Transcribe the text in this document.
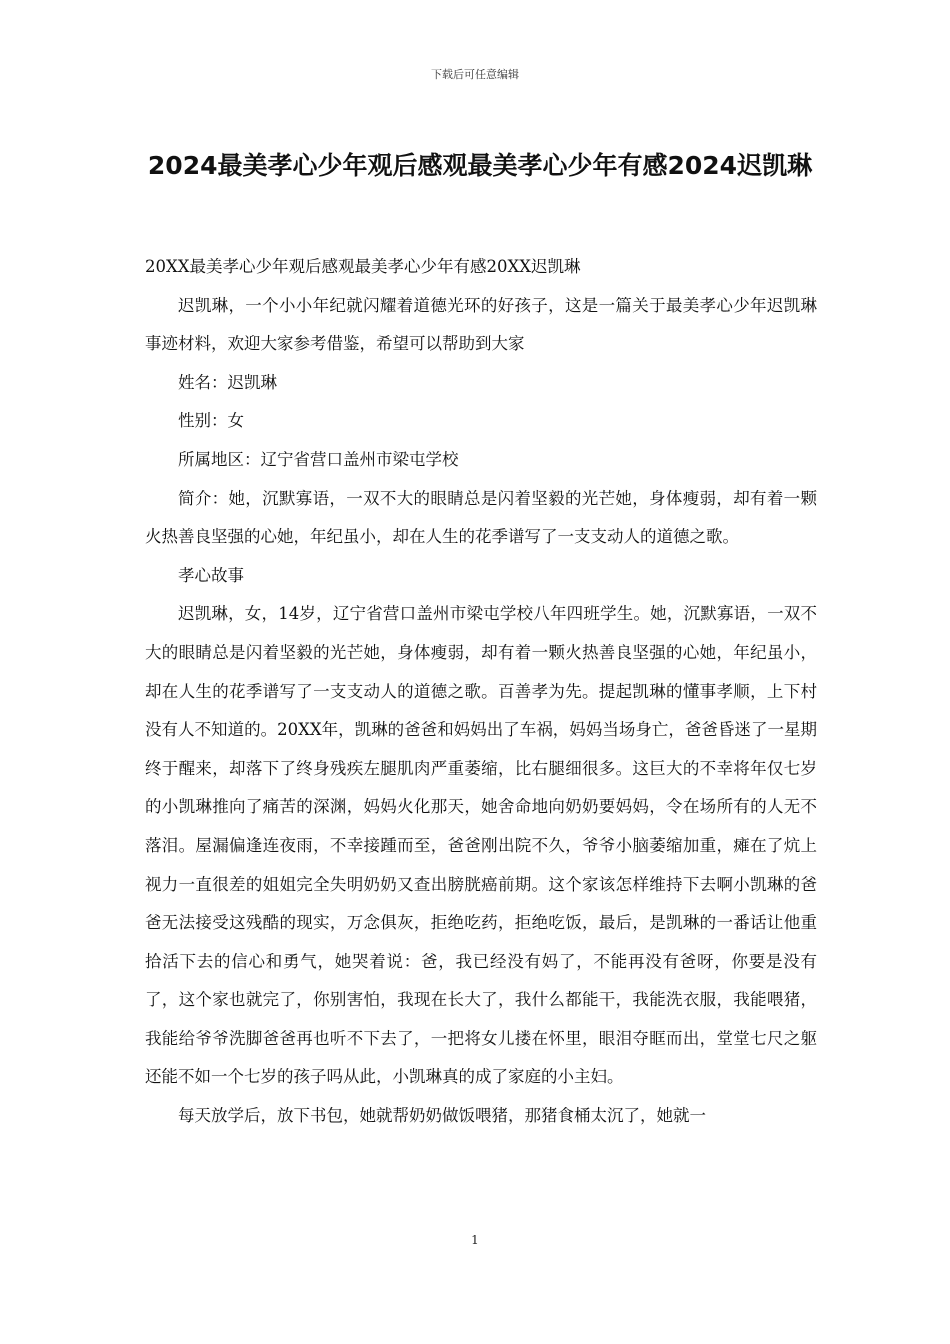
下载后可任意编辑
2024最美孝心少年观后感观最美孝心少年有感2024迟凯琳

20XX最美孝心少年观后感观最美孝心少年有感20XX迟凯琳

迟凯琳，一个小小年纪就闪耀着道德光环的好孩子，这是一篇关于最美孝心少年迟凯琳事迹材料，欢迎大家参考借鉴，希望可以帮助到大家

姓名：迟凯琳

性别：女

所属地区：辽宁省营口盖州市梁屯学校

简介：她，沉默寡语，一双不大的眼睛总是闪着坚毅的光芒她，身体瘦弱，却有着一颗火热善良坚强的心她，年纪虽小，却在人生的花季谱写了一支支动人的道德之歌。

孝心故事

迟凯琳，女，14岁，辽宁省营口盖州市梁屯学校八年四班学生。她，沉默寡语，一双不大的眼睛总是闪着坚毅的光芒她，身体瘦弱，却有着一颗火热善良坚强的心她，年纪虽小，却在人生的花季谱写了一支支动人的道德之歌。百善孝为先。提起凯琳的懂事孝顺，上下村没有人不知道的。20XX年，凯琳的爸爸和妈妈出了车祸，妈妈当场身亡，爸爸昏迷了一星期终于醒来，却落下了终身残疾左腿肌肉严重萎缩，比右腿细很多。这巨大的不幸将年仅七岁的小凯琳推向了痛苦的深渊，妈妈火化那天，她舍命地向奶奶要妈妈，令在场所有的人无不落泪。屋漏偏逢连夜雨，不幸接踵而至，爸爸刚出院不久，爷爷小脑萎缩加重，瘫在了炕上视力一直很差的姐姐完全失明奶奶又查出膀胱癌前期。这个家该怎样维持下去啊小凯琳的爸爸无法接受这残酷的现实，万念俱灰，拒绝吃药，拒绝吃饭，最后，是凯琳的一番话让他重拾活下去的信心和勇气，她哭着说：爸，我已经没有妈了，不能再没有爸呀，你要是没有了，这个家也就完了，你别害怕，我现在长大了，我什么都能干，我能洗衣服，我能喂猪，我能给爷爷洗脚爸爸再也听不下去了，一把将女儿搂在怀里，眼泪夺眶而出，堂堂七尺之躯还能不如一个七岁的孩子吗从此，小凯琳真的成了家庭的小主妇。

每天放学后，放下书包，她就帮奶奶做饭喂猪，那猪食桶太沉了，她就一

1
